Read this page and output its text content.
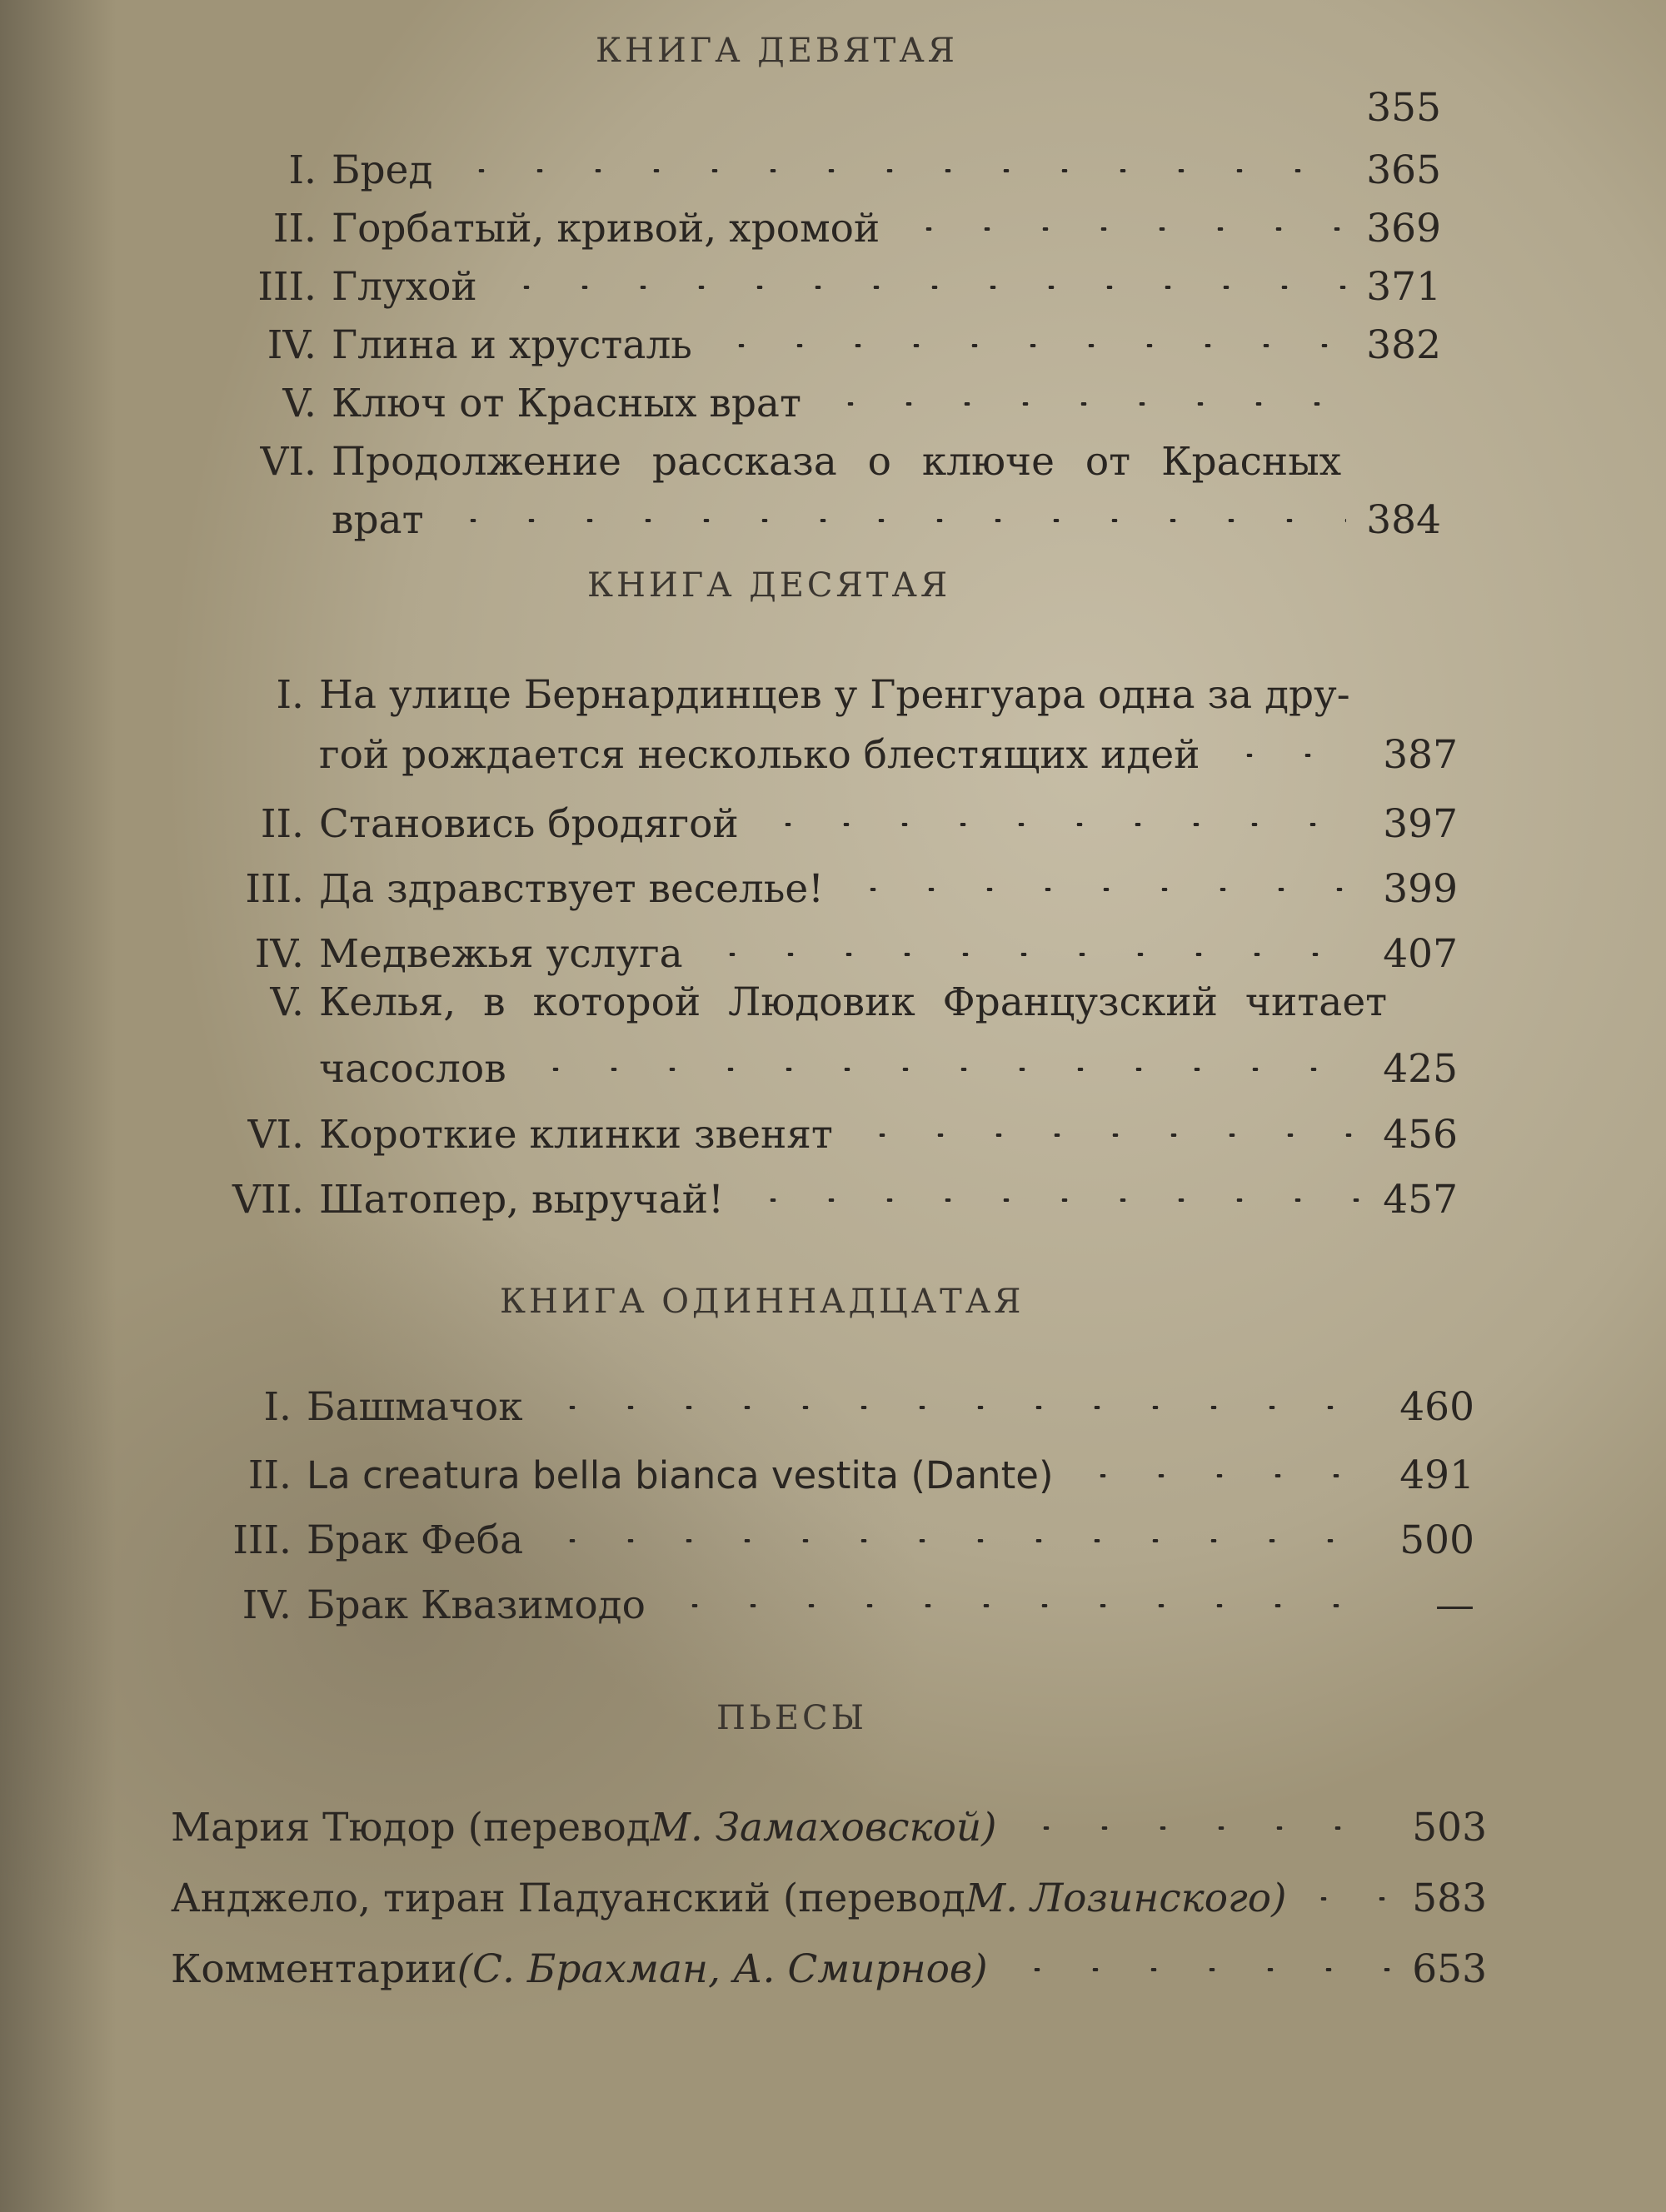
КНИГА ДЕВЯТАЯ
355
I. Бред	365
II. Горбатый, кривой, хромой	369
III. Глухой	371
IV. Глина и хрусталь	382
V. Ключ от Красных врат
VI. Продолжение рассказа о ключе от Красных
врат	384
КНИГА ДЕСЯТАЯ
I. На улице Бернардинцев у Гренгуара одна за дру-
гой рождается несколько блестящих идей	387
II. Становись бродягой	397
III. Да здравствует веселье!	399
IV. Медвежья услуга	407
V. Келья, в которой Людовик Французский читает
часослов	425
VI. Короткие клинки звенят	456
VII. Шатопер, выручай!	457
КНИГА ОДИННАДЦАТАЯ
I. Башмачок	460
II. La creatura bella bianca vestita (Dante)	491
III. Брак Феба	500
IV. Брак Квазимодо	—
ПЬЕСЫ
Мария Тюдор (перевод М. Замаховской)	503
Анджело, тиран Падуанский (перевод М. Лозинского)	583
Комментарии (С. Брахман, А. Смирнов)	653
